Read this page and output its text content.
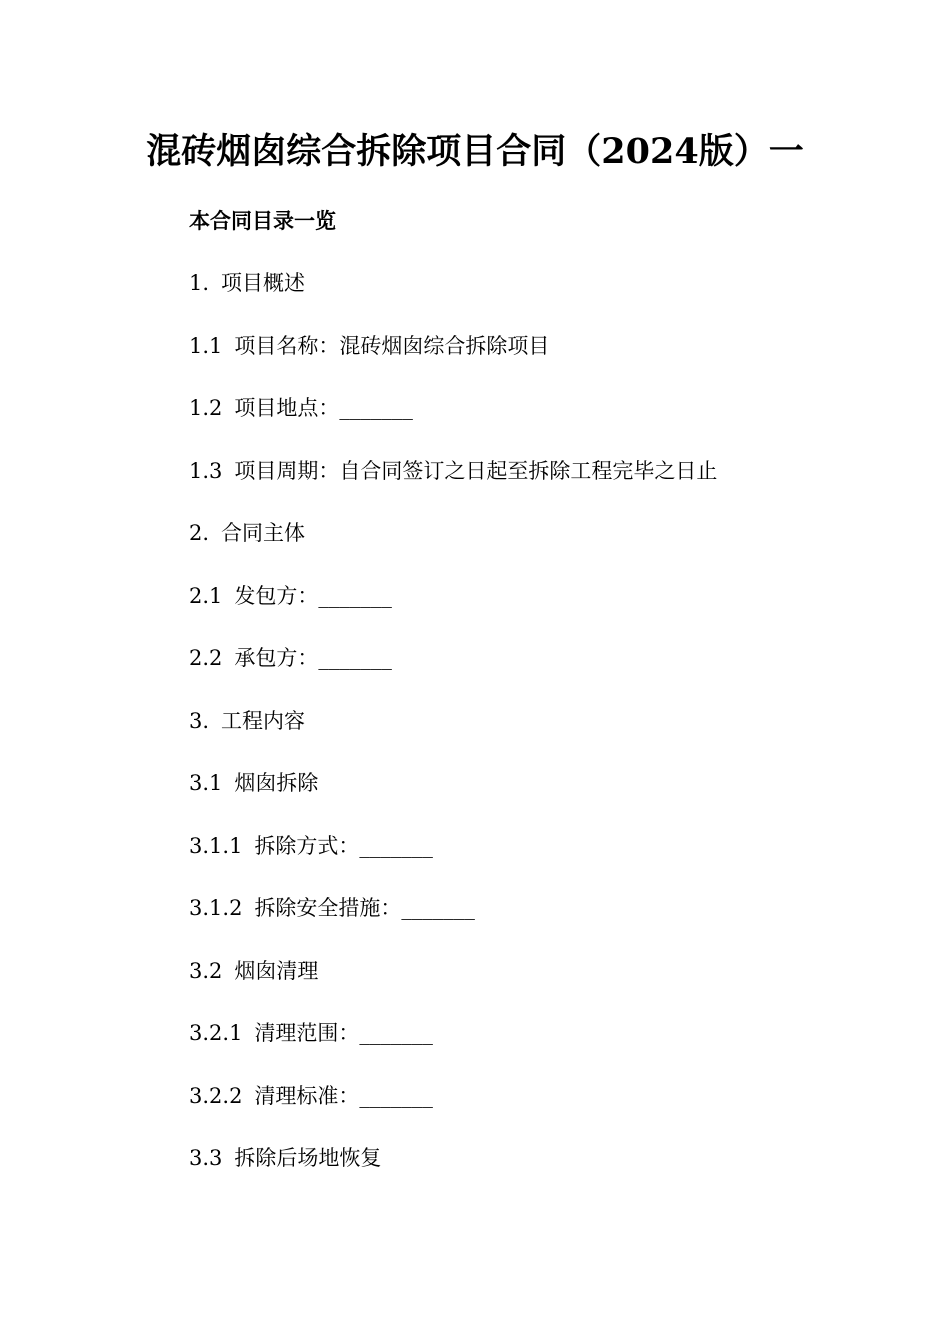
混砖烟囱综合拆除项目合同（2024版）一
本合同目录一览
1. 项目概述
1.1 项目名称：混砖烟囱综合拆除项目
1.2 项目地点：_______
1.3 项目周期：自合同签订之日起至拆除工程完毕之日止
2. 合同主体
2.1 发包方：_______
2.2 承包方：_______
3. 工程内容
3.1 烟囱拆除
3.1.1 拆除方式：_______
3.1.2 拆除安全措施：_______
3.2 烟囱清理
3.2.1 清理范围：_______
3.2.2 清理标准：_______
3.3 拆除后场地恢复
